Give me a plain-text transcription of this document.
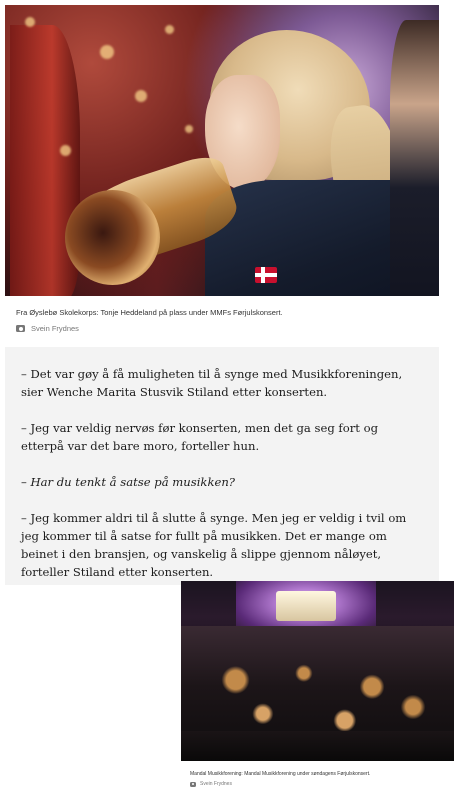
Fra Øyslebø Skolekorps: Tonje Heddeland på plass under MMFs Førjulskonsert.
Svein Frydnes

– Det var gøy å få muligheten til å synge med Musikkforeningen, sier Wenche Marita Stusvik Stiland etter konserten.

– Jeg var veldig nervøs før konserten, men det ga seg fort og etterpå var det bare moro, forteller hun.

– Har du tenkt å satse på musikken?

– Jeg kommer aldri til å slutte å synge. Men jeg er veldig i tvil om jeg kommer til å satse for fullt på musikken. Det er mange om beinet i den bransjen, og vanskelig å slippe gjennom nåløyet, forteller Stiland etter konserten.

Mandal Musikkforening: Mandal Musikkforening under søndagens Førjulskonsert.
Svein Frydnes
